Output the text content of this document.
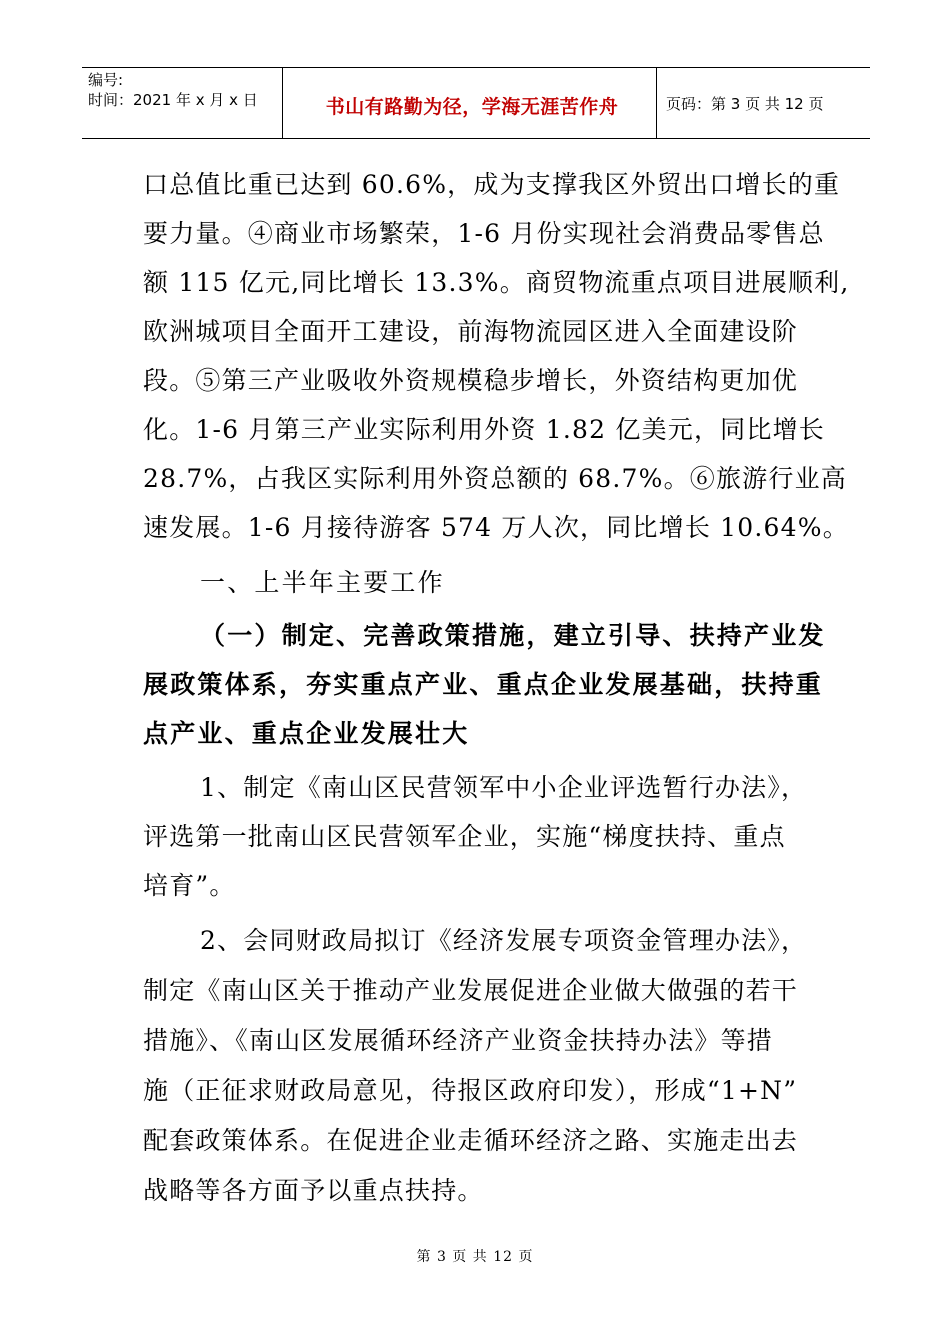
编号:
时间：2021 年 x 月 x 日	书山有路勤为径，学海无涯苦作舟	页码：第 3 页 共 12 页
口总值比重已达到 60.6%，成为支撑我区外贸出口增长的重
要力量。④商业市场繁荣，1-6 月份实现社会消费品零售总
额 115 亿元,同比增长 13.3%。商贸物流重点项目进展顺利,
欧洲城项目全面开工建设，前海物流园区进入全面建设阶
段。⑤第三产业吸收外资规模稳步增长，外资结构更加优
化。1-6 月第三产业实际利用外资 1.82 亿美元，同比增长
28.7%，占我区实际利用外资总额的 68.7%。⑥旅游行业高
速发展。1-6 月接待游客 574 万人次，同比增长 10.64%。
一、上半年主要工作
（一）制定、完善政策措施，建立引导、扶持产业发
展政策体系，夯实重点产业、重点企业发展基础，扶持重
点产业、重点企业发展壮大
1、制定《南山区民营领军中小企业评选暂行办法》，
评选第一批南山区民营领军企业，实施“梯度扶持、重点
培育”。
2、会同财政局拟订《经济发展专项资金管理办法》，
制定《南山区关于推动产业发展促进企业做大做强的若干
措施》、《南山区发展循环经济产业资金扶持办法》等措
施（正征求财政局意见，待报区政府印发），形成“1+N”
配套政策体系。在促进企业走循环经济之路、实施走出去
战略等各方面予以重点扶持。
第 3 页 共 12 页
